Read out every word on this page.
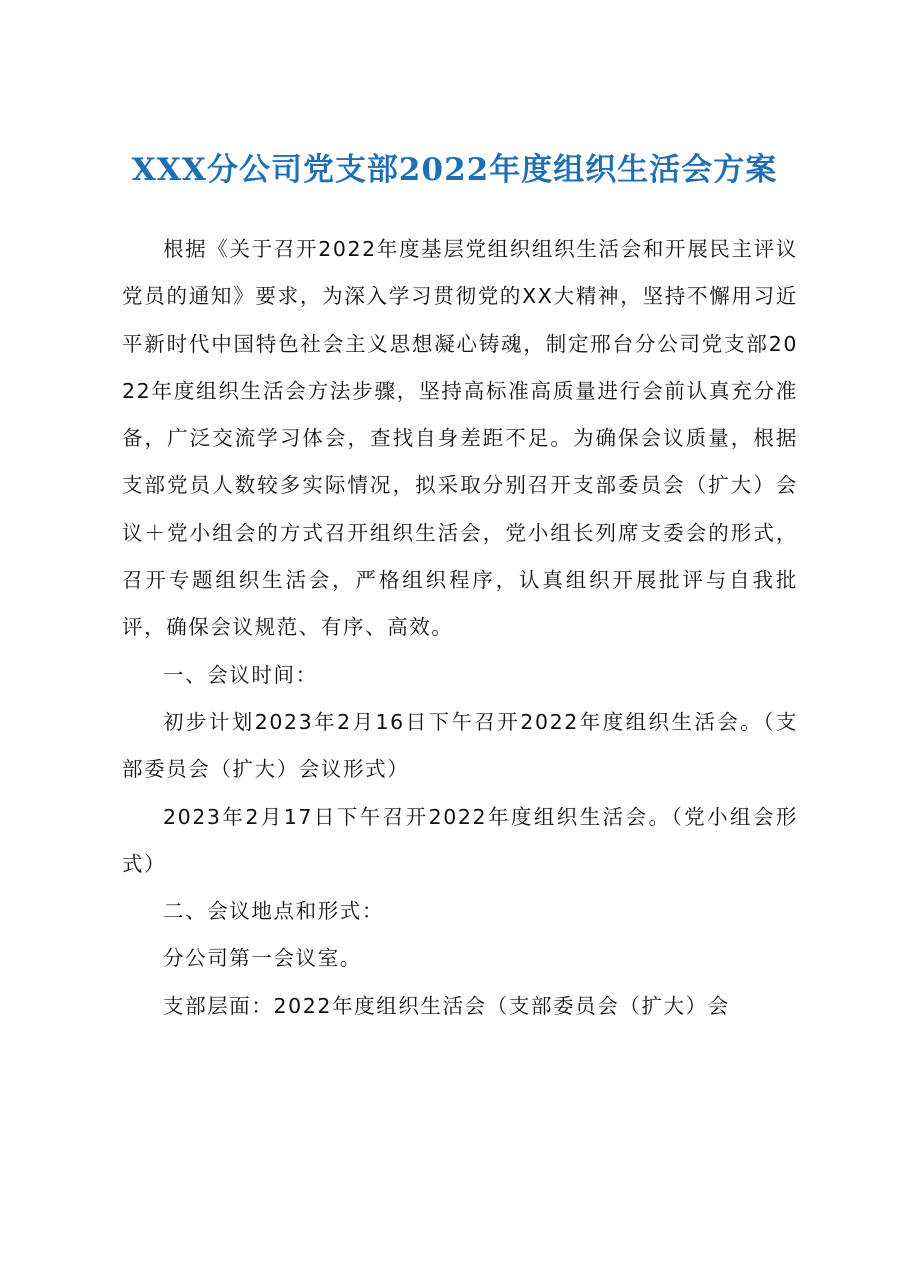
XXX分公司党支部2022年度组织生活会方案

根据《关于召开2022年度基层党组织组织生活会和开展民主评议党员的通知》要求，为深入学习贯彻党的XX大精神，坚持不懈用习近平新时代中国特色社会主义思想凝心铸魂，制定邢台分公司党支部2022年度组织生活会方法步骤，坚持高标准高质量进行会前认真充分准备，广泛交流学习体会，查找自身差距不足。为确保会议质量，根据支部党员人数较多实际情况，拟采取分别召开支部委员会（扩大）会议＋党小组会的方式召开组织生活会，党小组长列席支委会的形式，召开专题组织生活会，严格组织程序，认真组织开展批评与自我批评，确保会议规范、有序、高效。

一、会议时间：

初步计划2023年2月16日下午召开2022年度组织生活会。（支部委员会（扩大）会议形式）

2023年2月17日下午召开2022年度组织生活会。（党小组会形式）

二、会议地点和形式：

分公司第一会议室。

支部层面：2022年度组织生活会（支部委员会（扩大）会
